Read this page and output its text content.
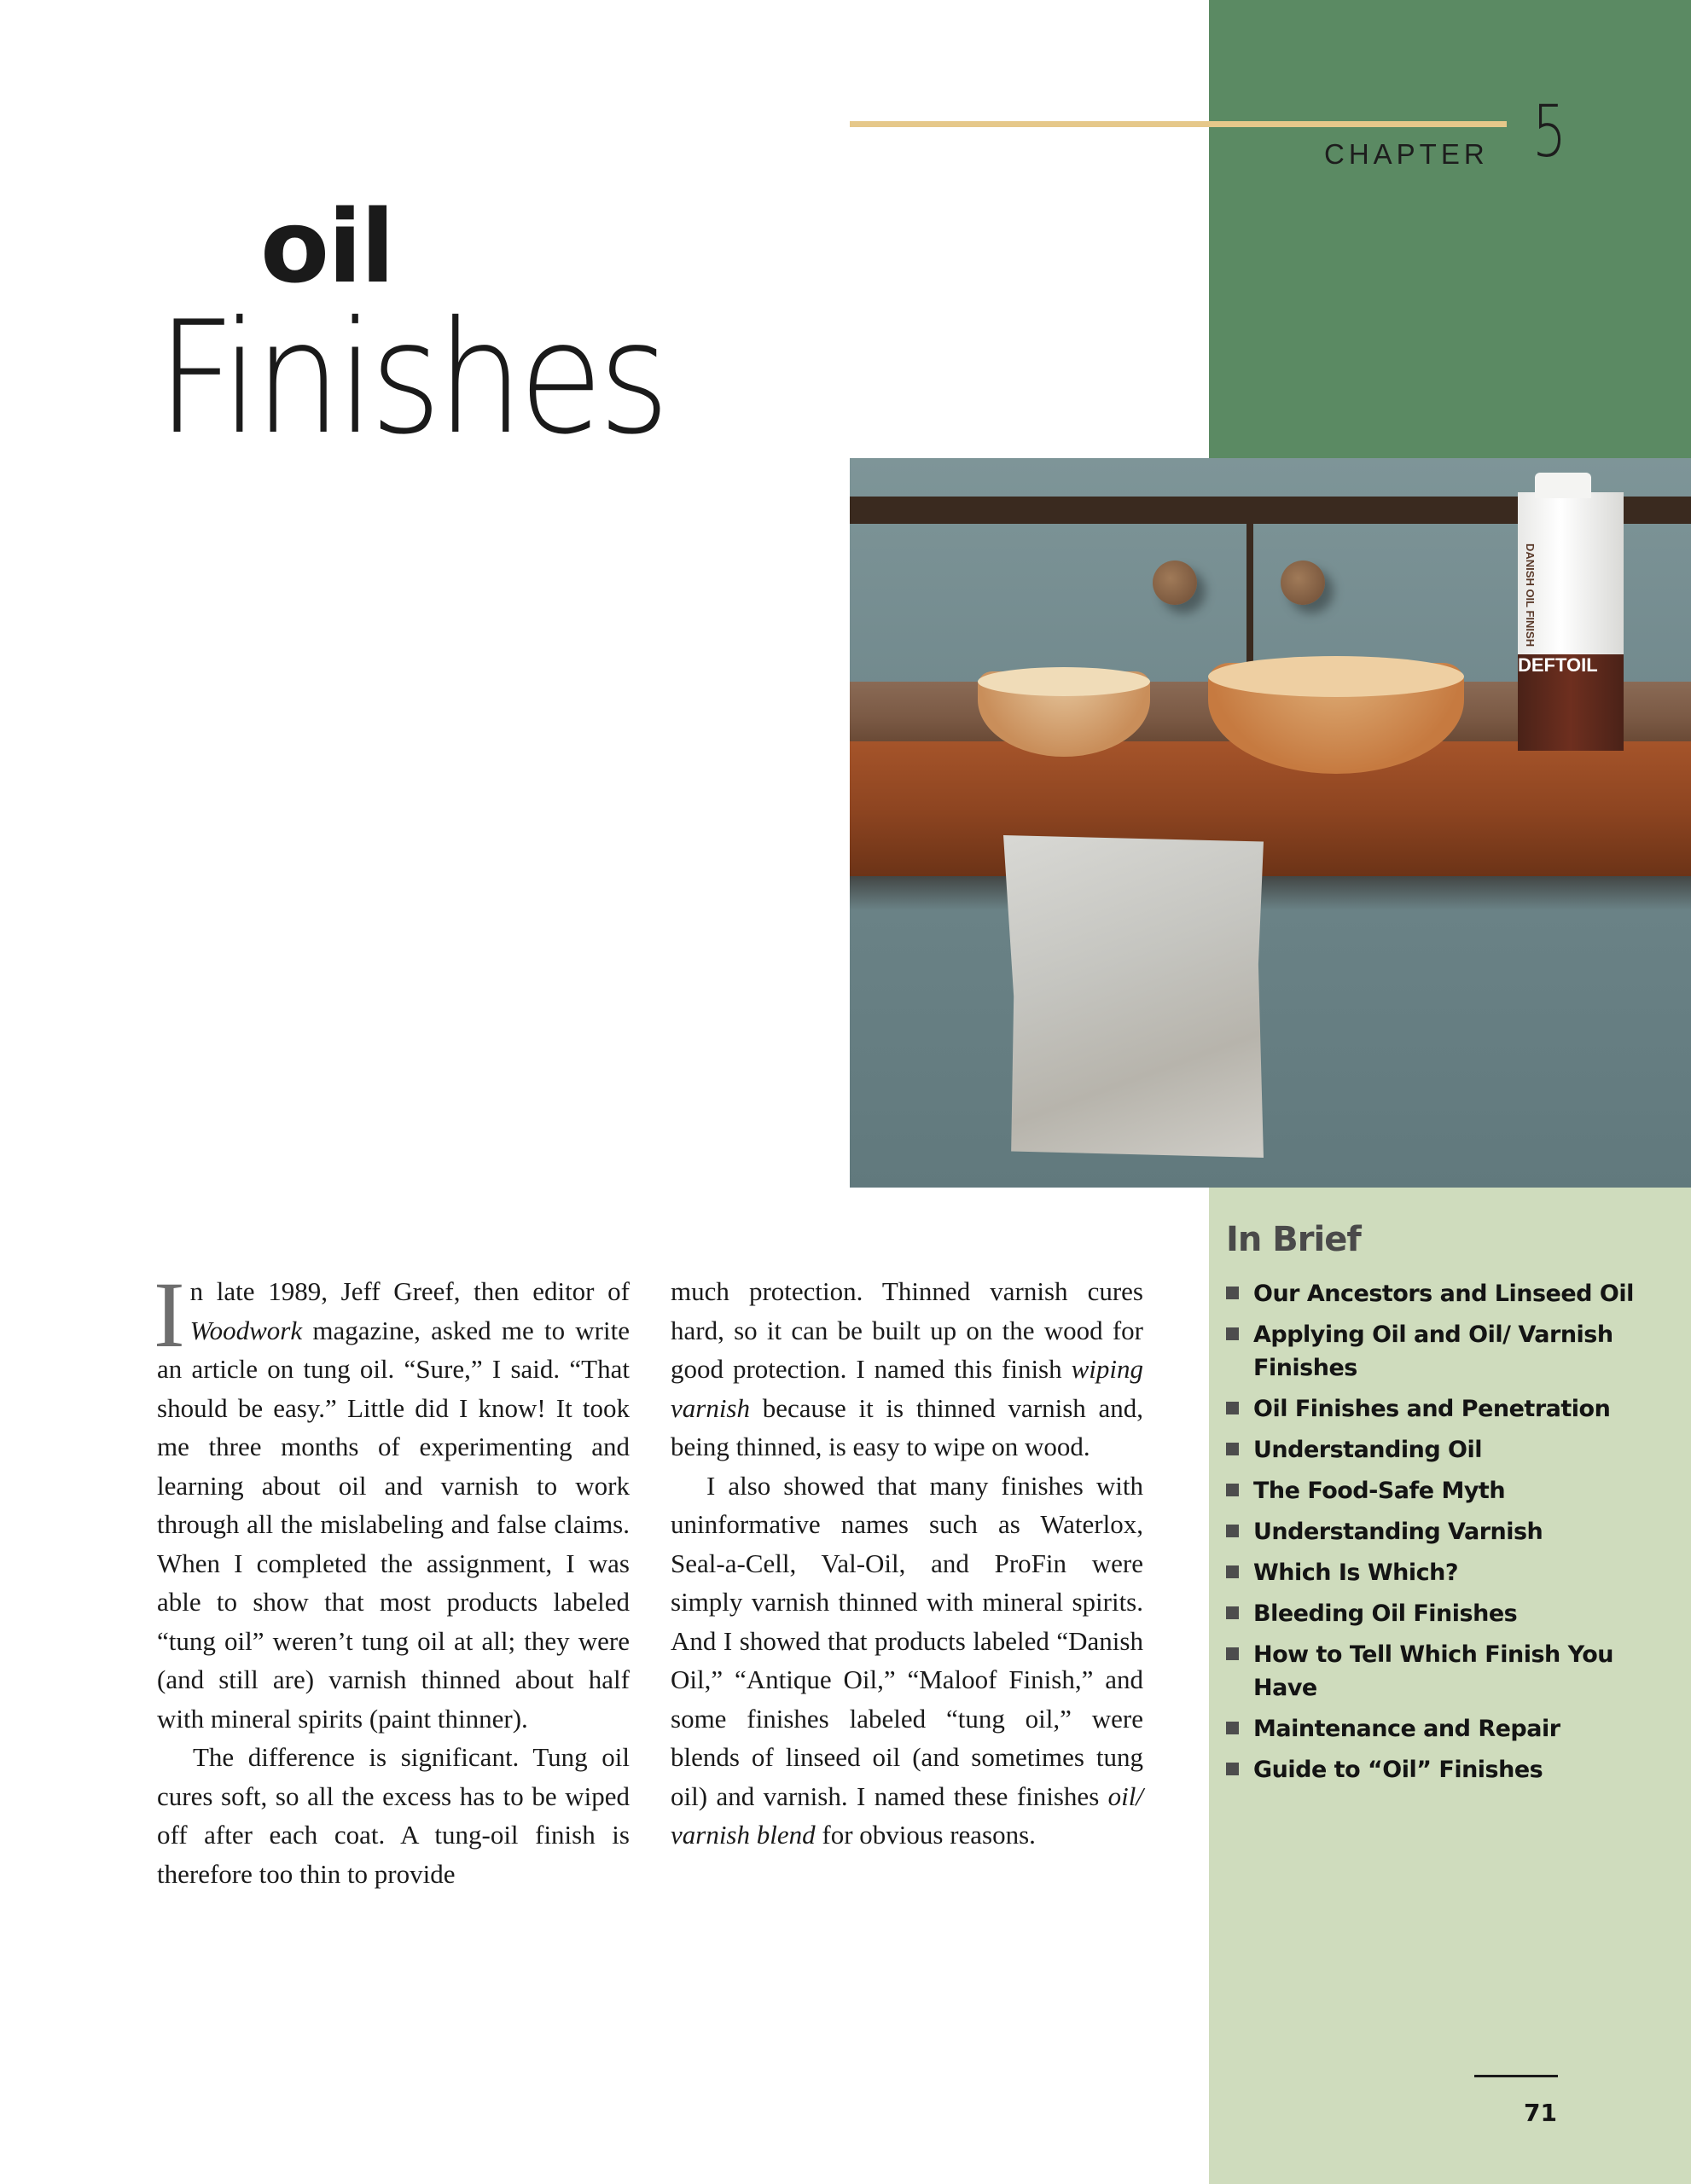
CHAPTER 5
oil
Finishes
DEFTOIL
DANISH OIL FINISH

In late 1989, Jeff Greef, then editor of Woodwork magazine, asked me to write an article on tung oil. “Sure,” I said. “That should be easy.” Little did I know! It took me three months of experimenting and learning about oil and varnish to work through all the mislabeling and false claims. When I completed the assignment, I was able to show that most products labeled “tung oil” weren’t tung oil at all; they were (and still are) varnish thinned about half with mineral spirits (paint thinner).

The difference is significant. Tung oil cures soft, so all the excess has to be wiped off after each coat. A tung-oil finish is therefore too thin to provide

much protection. Thinned varnish cures hard, so it can be built up on the wood for good protection. I named this finish wiping varnish because it is thinned varnish and, being thinned, is easy to wipe on wood.

I also showed that many finishes with uninformative names such as Waterlox, Seal-a-Cell, Val-Oil, and ProFin were simply varnish thinned with mineral spirits. And I showed that products labeled “Danish Oil,” “Antique Oil,” “Maloof Finish,” and some finishes labeled “tung oil,” were blends of linseed oil (and sometimes tung oil) and varnish. I named these finishes oil/ varnish blend for obvious reasons.

In Brief
Our Ancestors and Linseed Oil
Applying Oil and Oil/ Varnish Finishes
Oil Finishes and Penetration
Understanding Oil
The Food-Safe Myth
Understanding Varnish
Which Is Which?
Bleeding Oil Finishes
How to Tell Which Finish You Have
Maintenance and Repair
Guide to “Oil” Finishes
71
